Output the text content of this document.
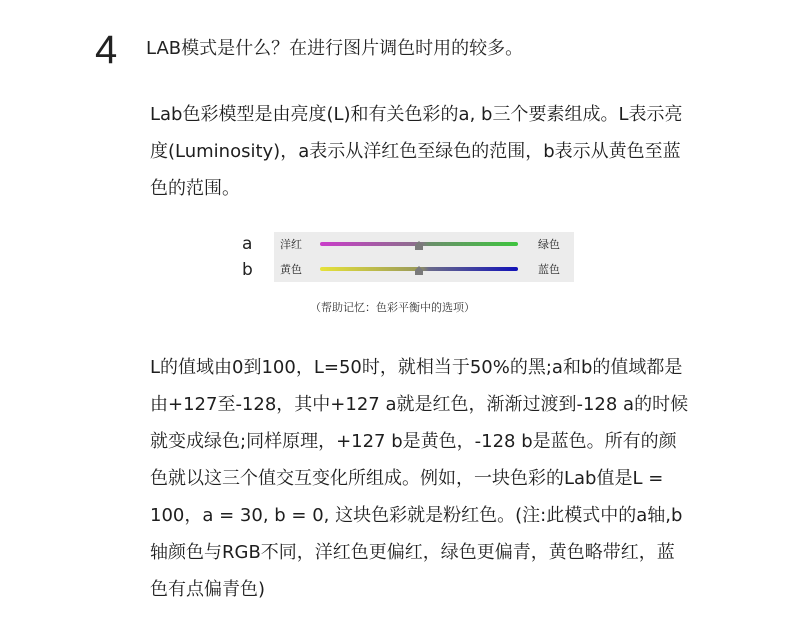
4 LAB模式是什么？在进行图片调色时用的较多。
Lab色彩模型是由亮度(L)和有关色彩的a, b三个要素组成。L表示亮
度(Luminosity)，a表示从洋红色至绿色的范围，b表示从黄色至蓝
色的范围。
a
b
洋红	绿色
黄色	蓝色
（帮助记忆：色彩平衡中的选项）
L的值域由0到100，L=50时，就相当于50%的黑;a和b的值域都是
由+127至-128，其中+127 a就是红色，渐渐过渡到-128 a的时候
就变成绿色;同样原理，+127 b是黄色，-128 b是蓝色。所有的颜
色就以这三个值交互变化所组成。例如，一块色彩的Lab值是L =
100，a = 30, b = 0, 这块色彩就是粉红色。(注:此模式中的a轴,b
轴颜色与RGB不同，洋红色更偏红，绿色更偏青，黄色略带红，蓝
色有点偏青色)
